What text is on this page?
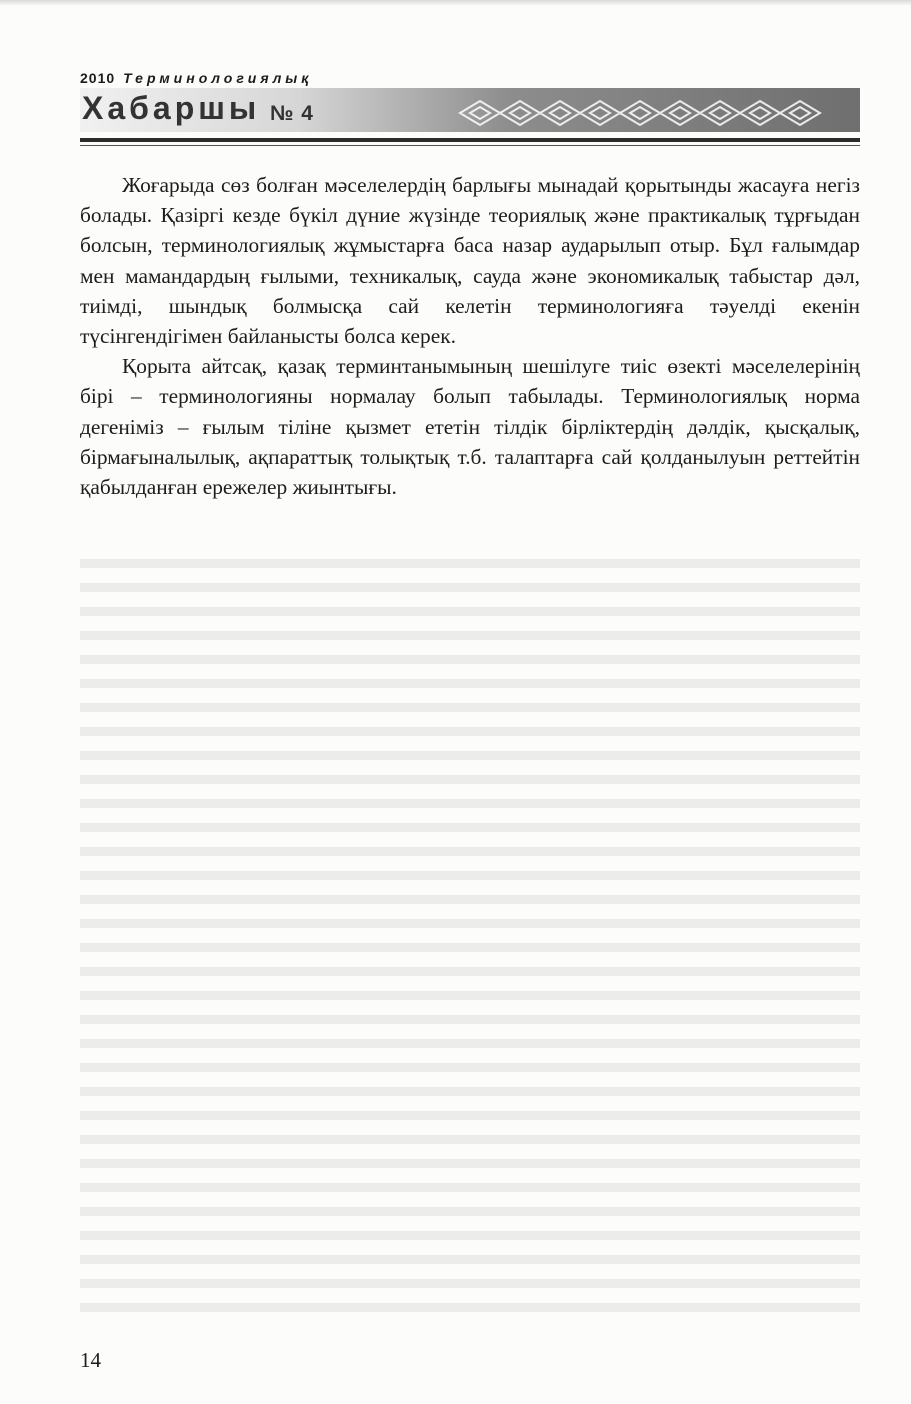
2010 Терминологиялық
Хабаршы № 4

Жоғарыда сөз болған мәселелердің барлығы мынадай қорытынды жасауға негіз болады. Қазіргі кезде бүкіл дүние жүзінде теориялық және практикалық тұрғыдан болсын, терминологиялық жұмыстарға баса назар аударылып отыр. Бұл ғалымдар мен мамандардың ғылыми, техникалық, сауда және экономикалық табыстар дәл, тиімді, шындық болмысқа сай келетін терминологияға тәуелді екенін түсінгендігімен байланысты болса керек.

Қорыта айтсақ, қазақ терминтанымының шешілуге тиіс өзекті мәселелерінің бірі – терминологияны нормалау болып табылады. Терминологиялық норма дегеніміз – ғылым тіліне қызмет ететін тілдік бірліктердің дәлдік, қысқалық, бірмағыналылық, ақпараттық толықтық т.б. талаптарға сай қолданылуын реттейтін қабылданған ережелер жиынтығы.

14
